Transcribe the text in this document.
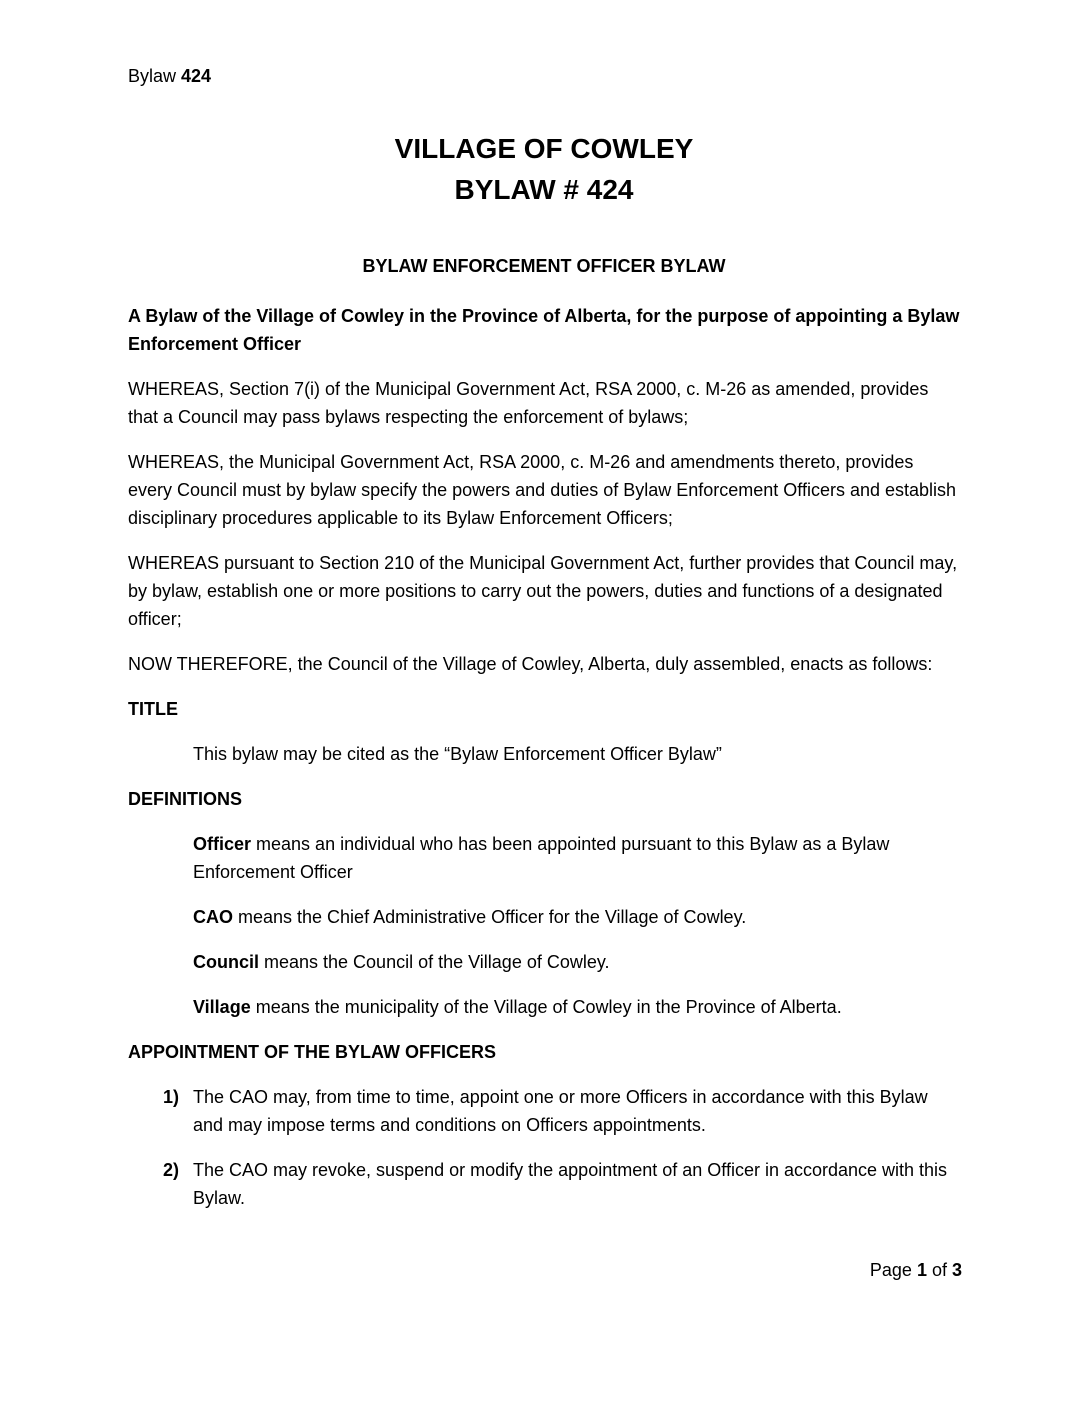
Bylaw 424
VILLAGE OF COWLEY
BYLAW # 424
BYLAW ENFORCEMENT OFFICER BYLAW

A Bylaw of the Village of Cowley in the Province of Alberta, for the purpose of appointing a Bylaw Enforcement Officer

WHEREAS, Section 7(i) of the Municipal Government Act, RSA 2000, c. M-26 as amended, provides that a Council may pass bylaws respecting the enforcement of bylaws;

WHEREAS, the Municipal Government Act, RSA 2000, c. M-26 and amendments thereto, provides every Council must by bylaw specify the powers and duties of Bylaw Enforcement Officers and establish disciplinary procedures applicable to its Bylaw Enforcement Officers;

WHEREAS pursuant to Section 210 of the Municipal Government Act, further provides that Council may, by bylaw, establish one or more positions to carry out the powers, duties and functions of a designated officer;

NOW THEREFORE, the Council of the Village of Cowley, Alberta, duly assembled, enacts as follows:

TITLE

This bylaw may be cited as the “Bylaw Enforcement Officer Bylaw”

DEFINITIONS

Officer means an individual who has been appointed pursuant to this Bylaw as a Bylaw Enforcement Officer

CAO means the Chief Administrative Officer for the Village of Cowley.

Council means the Council of the Village of Cowley.

Village means the municipality of the Village of Cowley in the Province of Alberta.

APPOINTMENT OF THE BYLAW OFFICERS
1) The CAO may, from time to time, appoint one or more Officers in accordance with this Bylaw and may impose terms and conditions on Officers appointments.
2) The CAO may revoke, suspend or modify the appointment of an Officer in accordance with this Bylaw.
Page 1 of 3
